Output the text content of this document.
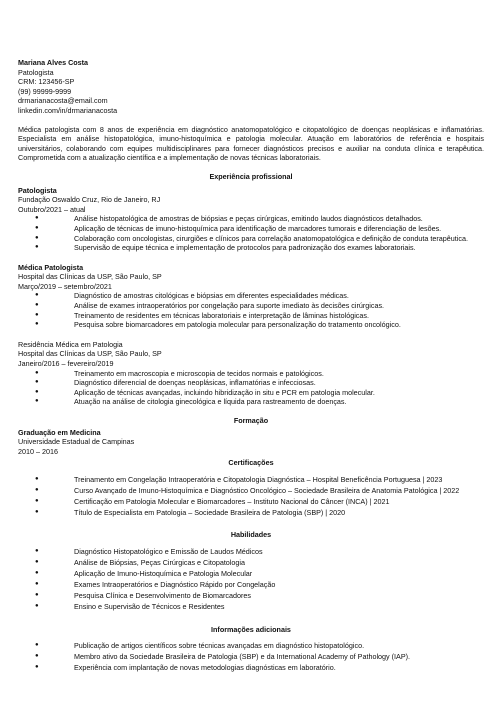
Mariana Alves Costa
Patologista
CRM: 123456-SP
(99) 99999-9999
drmarianacosta@email.com
linkedin.com/in/drmarianacosta
Médica patologista com 8 anos de experiência em diagnóstico anatomopatológico e citopatológico de doenças neoplásicas e inflamatórias. Especialista em análise histopatológica, imuno-histoquímica e patologia molecular. Atuação em laboratórios de referência e hospitais universitários, colaborando com equipes multidisciplinares para fornecer diagnósticos precisos e auxiliar na conduta clínica e terapêutica. Comprometida com a atualização científica e a implementação de novas técnicas laboratoriais.
Experiência profissional
Patologista
Fundação Oswaldo Cruz, Rio de Janeiro, RJ
Outubro/2021 – atual
● Análise histopatológica de amostras de biópsias e peças cirúrgicas, emitindo laudos diagnósticos detalhados.
● Aplicação de técnicas de imuno-histoquímica para identificação de marcadores tumorais e diferenciação de lesões.
● Colaboração com oncologistas, cirurgiões e clínicos para correlação anatomopatológica e definição de conduta terapêutica.
● Supervisão de equipe técnica e implementação de protocolos para padronização dos exames laboratoriais.
Médica Patologista
Hospital das Clínicas da USP, São Paulo, SP
Março/2019 – setembro/2021
● Diagnóstico de amostras citológicas e biópsias em diferentes especialidades médicas.
● Análise de exames intraoperatórios por congelação para suporte imediato às decisões cirúrgicas.
● Treinamento de residentes em técnicas laboratoriais e interpretação de lâminas histológicas.
● Pesquisa sobre biomarcadores em patologia molecular para personalização do tratamento oncológico.
Residência Médica em Patologia
Hospital das Clínicas da USP, São Paulo, SP
Janeiro/2016 – fevereiro/2019
● Treinamento em macroscopia e microscopia de tecidos normais e patológicos.
● Diagnóstico diferencial de doenças neoplásicas, inflamatórias e infecciosas.
● Aplicação de técnicas avançadas, incluindo hibridização in situ e PCR em patologia molecular.
● Atuação na análise de citologia ginecológica e líquida para rastreamento de doenças.
Formação
Graduação em Medicina
Universidade Estadual de Campinas
2010 – 2016
Certificações
● Treinamento em Congelação Intraoperatória e Citopatologia Diagnóstica – Hospital Beneficência Portuguesa | 2023
● Curso Avançado de Imuno-Histoquímica e Diagnóstico Oncológico – Sociedade Brasileira de Anatomia Patológica | 2022
● Certificação em Patologia Molecular e Biomarcadores – Instituto Nacional do Câncer (INCA) | 2021
● Título de Especialista em Patologia – Sociedade Brasileira de Patologia (SBP) | 2020
Habilidades
● Diagnóstico Histopatológico e Emissão de Laudos Médicos
● Análise de Biópsias, Peças Cirúrgicas e Citopatologia
● Aplicação de Imuno-Histoquímica e Patologia Molecular
● Exames Intraoperatórios e Diagnóstico Rápido por Congelação
● Pesquisa Clínica e Desenvolvimento de Biomarcadores
● Ensino e Supervisão de Técnicos e Residentes
Informações adicionais
● Publicação de artigos científicos sobre técnicas avançadas em diagnóstico histopatológico.
● Membro ativo da Sociedade Brasileira de Patologia (SBP) e da International Academy of Pathology (IAP).
● Experiência com implantação de novas metodologias diagnósticas em laboratório.
